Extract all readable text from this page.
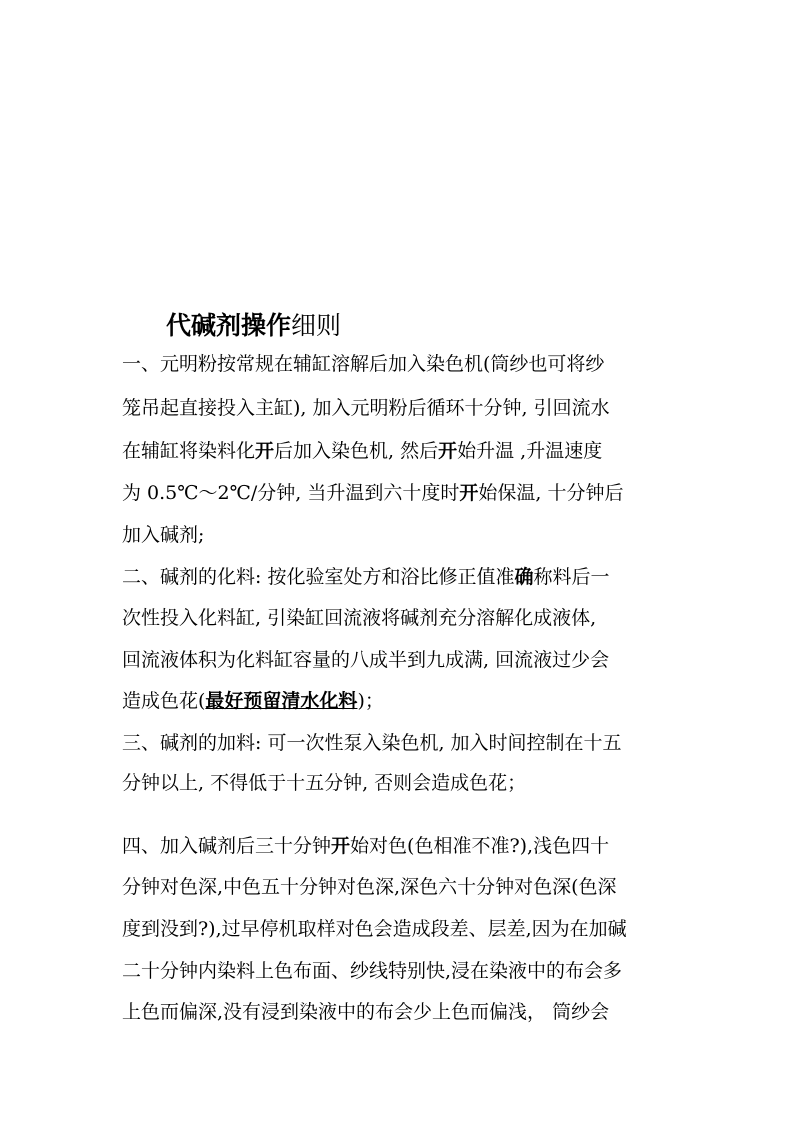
代碱剂操作细则
一、元明粉按常规在辅缸溶解后加入染色机(筒纱也可将纱
笼吊起直接投入主缸), 加入元明粉后循环十分钟, 引回流水
在辅缸将染料化开后加入染色机, 然后开始升温 ,升温速度
为 0.5℃～2℃/分钟, 当升温到六十度时开始保温, 十分钟后
加入碱剂;
二、碱剂的化料: 按化验室处方和浴比修正值准确称料后一
次性投入化料缸, 引染缸回流液将碱剂充分溶解化成液体,
回流液体积为化料缸容量的八成半到九成满, 回流液过少会
造成色花(最好预留清水化料)；
三、碱剂的加料: 可一次性泵入染色机, 加入时间控制在十五
分钟以上, 不得低于十五分钟, 否则会造成色花；
四、加入碱剂后三十分钟开始对色(色相准不准?),浅色四十
分钟对色深,中色五十分钟对色深,深色六十分钟对色深(色深
度到没到?),过早停机取样对色会造成段差、层差,因为在加碱
二十分钟内染料上色布面、纱线特别快,浸在染液中的布会多
上色而偏深,没有浸到染液中的布会少上色而偏浅， 筒纱会
